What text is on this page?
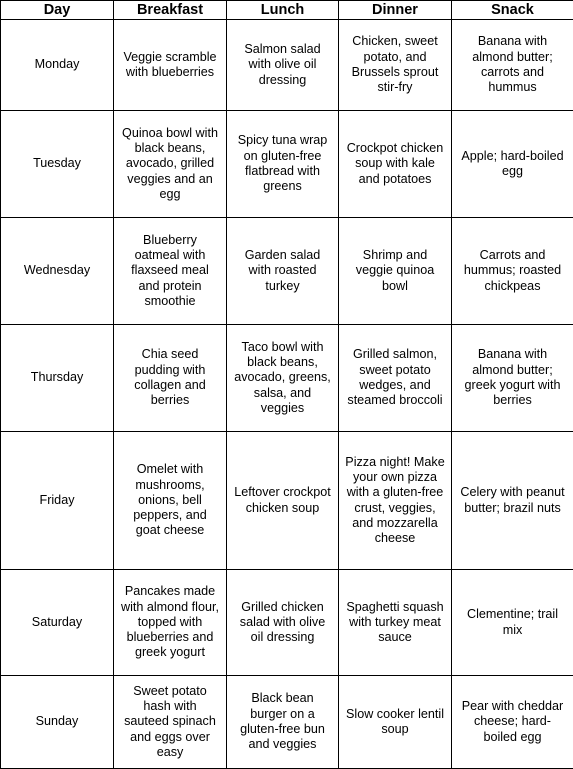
Day	Breakfast	Lunch	Dinner	Snack
Monday	Veggie scramble with blueberries	Salmon salad with olive oil dressing	Chicken, sweet potato, and Brussels sprout stir-fry	Banana with almond butter; carrots and hummus
Tuesday	Quinoa bowl with black beans, avocado, grilled veggies and an egg	Spicy tuna wrap on gluten-free flatbread with greens	Crockpot chicken soup with kale and potatoes	Apple; hard-boiled egg
Wednesday	Blueberry oatmeal with flaxseed meal and protein smoothie	Garden salad with roasted turkey	Shrimp and veggie quinoa bowl	Carrots and hummus; roasted chickpeas
Thursday	Chia seed pudding with collagen and berries	Taco bowl with black beans, avocado, greens, salsa, and veggies	Grilled salmon, sweet potato wedges, and steamed broccoli	Banana with almond butter; greek yogurt with berries
Friday	Omelet with mushrooms, onions, bell peppers, and goat cheese	Leftover crockpot chicken soup	Pizza night! Make your own pizza with a gluten-free crust, veggies, and mozzarella cheese	Celery with peanut butter; brazil nuts
Saturday	Pancakes made with almond flour, topped with blueberries and greek yogurt	Grilled chicken salad with olive oil dressing	Spaghetti squash with turkey meat sauce	Clementine; trail mix
Sunday	Sweet potato hash with sauteed spinach and eggs over easy	Black bean burger on a gluten-free bun and veggies	Slow cooker lentil soup	Pear with cheddar cheese; hard-boiled egg
